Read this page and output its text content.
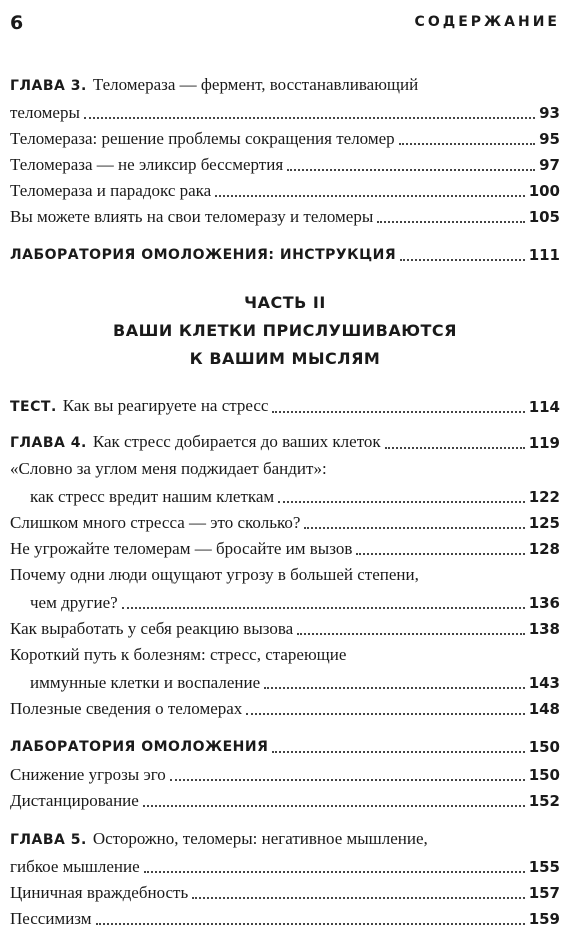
6	СОДЕРЖАНИЕ
ГЛАВА 3. Теломераза — фермент, восстанавливающий
теломеры	93
Теломераза: решение проблемы сокращения теломер	95
Теломераза — не эликсир бессмертия	97
Теломераза и парадокс рака	100
Вы можете влиять на свои теломеразу и теломеры	105
ЛАБОРАТОРИЯ ОМОЛОЖЕНИЯ: ИНСТРУКЦИЯ	111
ЧАСТЬ II
ВАШИ КЛЕТКИ ПРИСЛУШИВАЮТСЯ
К ВАШИМ МЫСЛЯМ
ТЕСТ. Как вы реагируете на стресс	114
ГЛАВА 4. Как стресс добирается до ваших клеток	119
«Словно за углом меня поджидает бандит»:
как стресс вредит нашим клеткам	122
Слишком много стресса — это сколько?	125
Не угрожайте теломерам — бросайте им вызов	128
Почему одни люди ощущают угрозу в большей степени,
чем другие?	136
Как выработать у себя реакцию вызова	138
Короткий путь к болезням: стресс, стареющие
иммунные клетки и воспаление	143
Полезные сведения о теломерах	148
ЛАБОРАТОРИЯ ОМОЛОЖЕНИЯ	150
Снижение угрозы эго	150
Дистанцирование	152
ГЛАВА 5. Осторожно, теломеры: негативное мышление,
гибкое мышление	155
Циничная враждебность	157
Пессимизм	159
